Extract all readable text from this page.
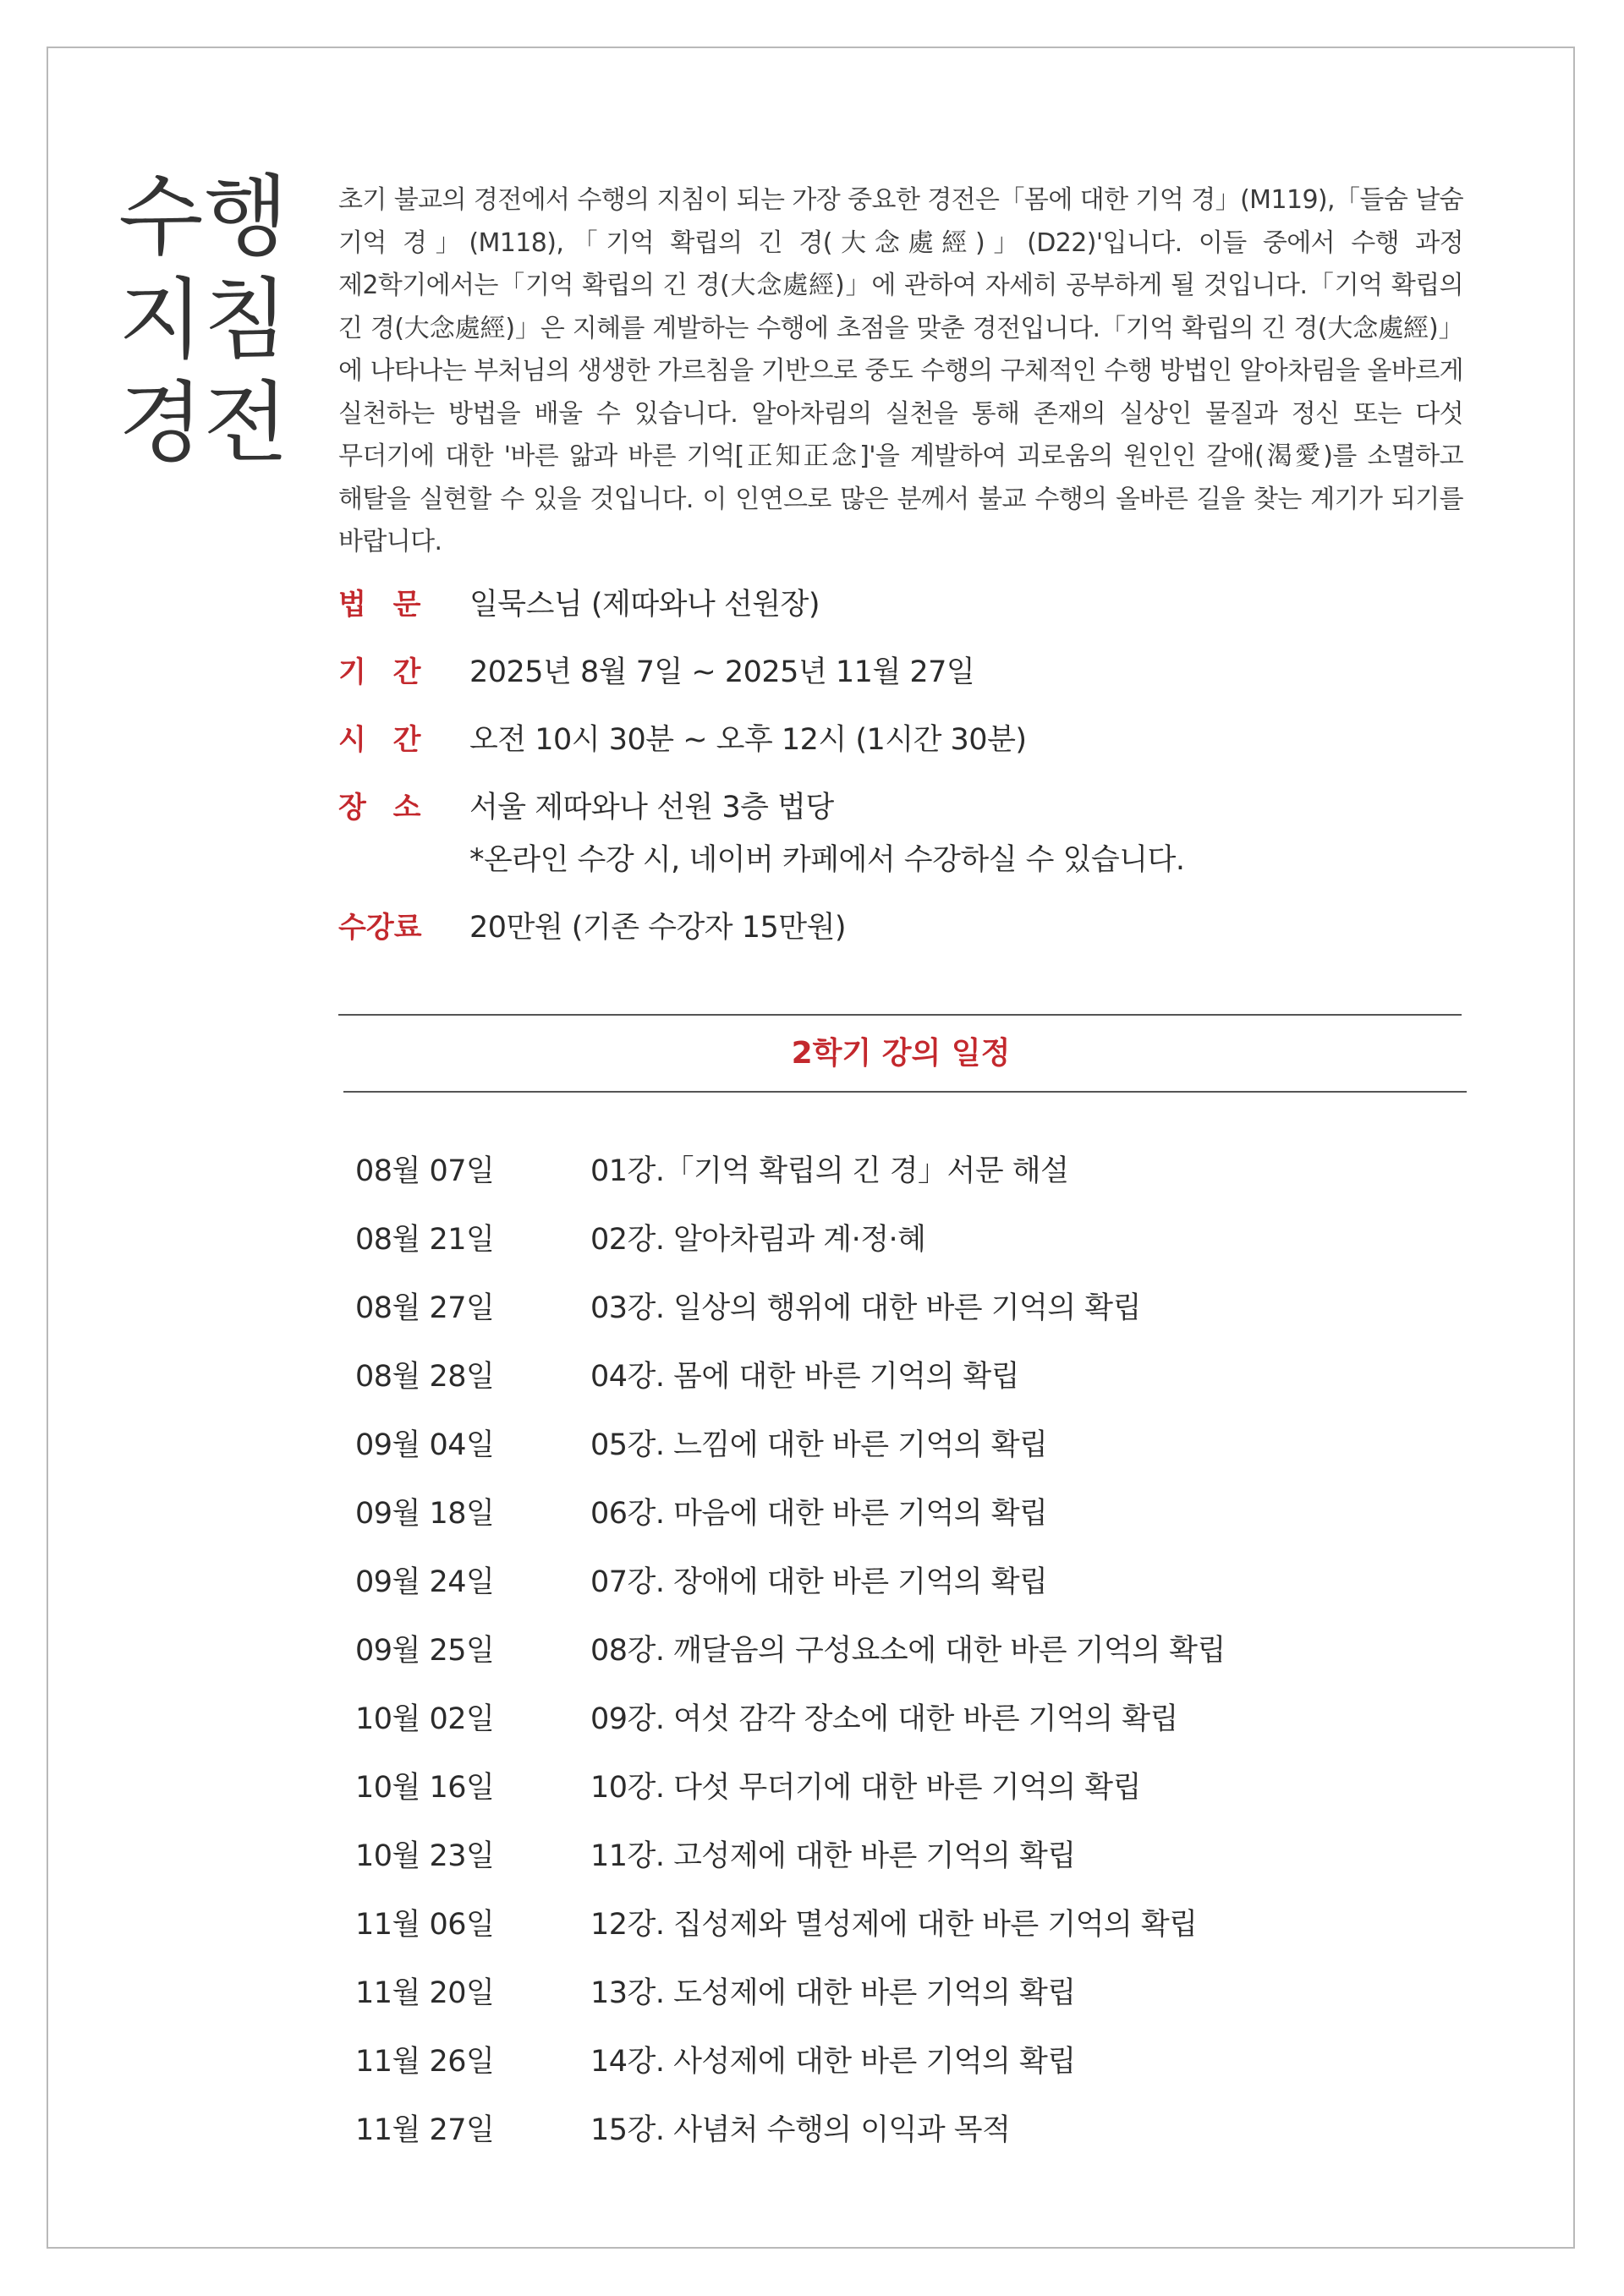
수행
지침
경전

초기 불교의 경전에서 수행의 지침이 되는 가장 중요한 경전은「몸에 대한 기억 경」(M119),「들숨 날숨 기억 경」(M118),「기억 확립의 긴 경(大念處經)」(D22)'입니다. 이들 중에서 수행 과정 제2학기에서는「기억 확립의 긴 경(大念處經)」에 관하여 자세히 공부하게 될 것입니다.「기억 확립의 긴 경(大念處經)」은 지혜를 계발하는 수행에 초점을 맞춘 경전입니다.「기억 확립의 긴 경(大念處經)」에 나타나는 부처님의 생생한 가르침을 기반으로 중도 수행의 구체적인 수행 방법인 알아차림을 올바르게 실천하는 방법을 배울 수 있습니다. 알아차림의 실천을 통해 존재의 실상인 물질과 정신 또는 다섯 무더기에 대한 '바른 앎과 바른 기억[正知正念]'을 계발하여 괴로움의 원인인 갈애(渴愛)를 소멸하고 해탈을 실현할 수 있을 것입니다. 이 인연으로 많은 분께서 불교 수행의 올바른 길을 찾는 계기가 되기를 바랍니다.

법 문	일묵스님 (제따와나 선원장)
기 간	2025년 8월 7일 ~ 2025년 11월 27일
시 간	오전 10시 30분 ~ 오후 12시 (1시간 30분)
장 소	서울 제따와나 선원 3층 법당
*온라인 수강 시, 네이버 카페에서 수강하실 수 있습니다.
수강료	20만원 (기존 수강자 15만원)
2학기 강의 일정
08월 07일	01강.「기억 확립의 긴 경」서문 해설
08월 21일	02강. 알아차림과 계·정·혜
08월 27일	03강. 일상의 행위에 대한 바른 기억의 확립
08월 28일	04강. 몸에 대한 바른 기억의 확립
09월 04일	05강. 느낌에 대한 바른 기억의 확립
09월 18일	06강. 마음에 대한 바른 기억의 확립
09월 24일	07강. 장애에 대한 바른 기억의 확립
09월 25일	08강. 깨달음의 구성요소에 대한 바른 기억의 확립
10월 02일	09강. 여섯 감각 장소에 대한 바른 기억의 확립
10월 16일	10강. 다섯 무더기에 대한 바른 기억의 확립
10월 23일	11강. 고성제에 대한 바른 기억의 확립
11월 06일	12강. 집성제와 멸성제에 대한 바른 기억의 확립
11월 20일	13강. 도성제에 대한 바른 기억의 확립
11월 26일	14강. 사성제에 대한 바른 기억의 확립
11월 27일	15강. 사념처 수행의 이익과 목적
